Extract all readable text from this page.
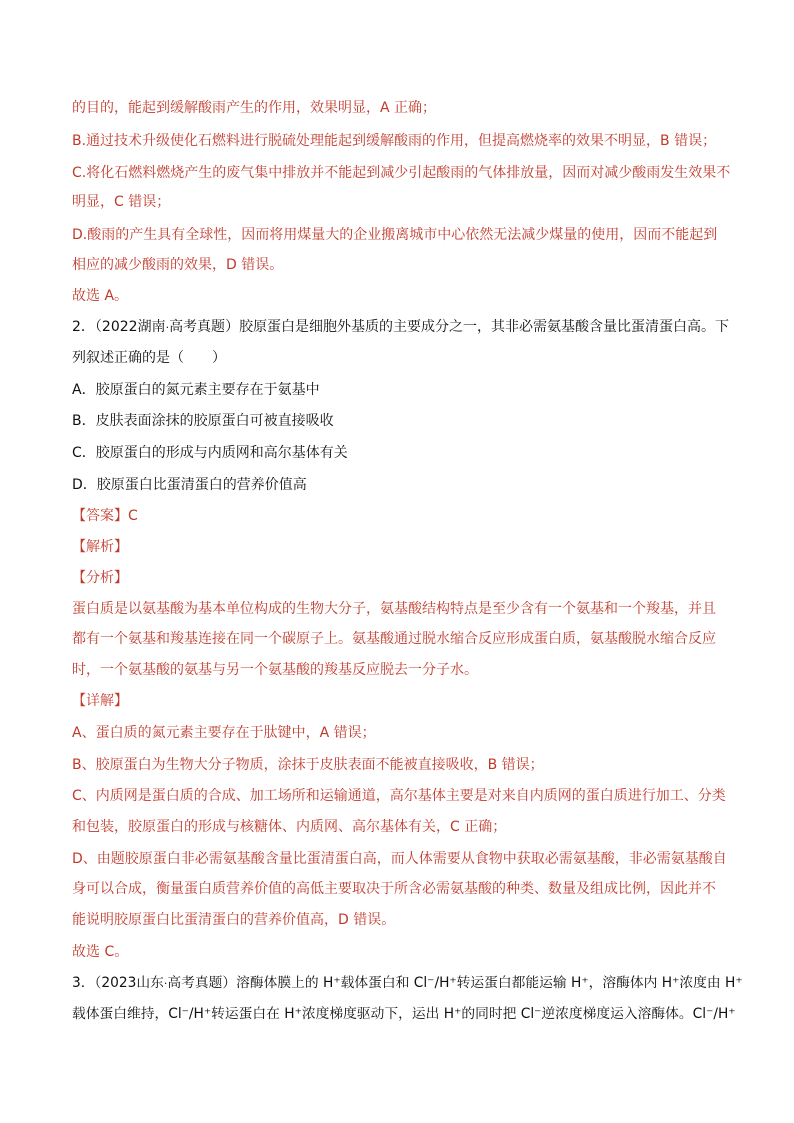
的目的，能起到缓解酸雨产生的作用，效果明显，A 正确；
B.通过技术升级使化石燃料进行脱硫处理能起到缓解酸雨的作用，但提高燃烧率的效果不明显，B 错误；
C.将化石燃料燃烧产生的废气集中排放并不能起到减少引起酸雨的气体排放量，因而对减少酸雨发生效果不
明显，C 错误；
D.酸雨的产生具有全球性，因而将用煤量大的企业搬离城市中心依然无法减少煤量的使用，因而不能起到
相应的减少酸雨的效果，D 错误。
故选 A。
2．（2022湖南·高考真题）胶原蛋白是细胞外基质的主要成分之一，其非必需氨基酸含量比蛋清蛋白高。下
列叙述正确的是（　　）
A．胶原蛋白的氮元素主要存在于氨基中
B．皮肤表面涂抹的胶原蛋白可被直接吸收
C．胶原蛋白的形成与内质网和高尔基体有关
D．胶原蛋白比蛋清蛋白的营养价值高
【答案】C
【解析】
【分析】
蛋白质是以氨基酸为基本单位构成的生物大分子，氨基酸结构特点是至少含有一个氨基和一个羧基，并且
都有一个氨基和羧基连接在同一个碳原子上。氨基酸通过脱水缩合反应形成蛋白质，氨基酸脱水缩合反应
时，一个氨基酸的氨基与另一个氨基酸的羧基反应脱去一分子水。
【详解】
A、蛋白质的氮元素主要存在于肽键中，A 错误；
B、胶原蛋白为生物大分子物质，涂抹于皮肤表面不能被直接吸收，B 错误；
C、内质网是蛋白质的合成、加工场所和运输通道，高尔基体主要是对来自内质网的蛋白质进行加工、分类
和包装，胶原蛋白的形成与核糖体、内质网、高尔基体有关，C 正确；
D、由题胶原蛋白非必需氨基酸含量比蛋清蛋白高，而人体需要从食物中获取必需氨基酸，非必需氨基酸自
身可以合成，衡量蛋白质营养价值的高低主要取决于所含必需氨基酸的种类、数量及组成比例，因此并不
能说明胶原蛋白比蛋清蛋白的营养价值高，D 错误。
故选 C。
3．（2023山东·高考真题）溶酶体膜上的 H⁺载体蛋白和 Cl⁻/H⁺转运蛋白都能运输 H⁺，溶酶体内 H⁺浓度由 H⁺
载体蛋白维持，Cl⁻/H⁺转运蛋白在 H⁺浓度梯度驱动下，运出 H⁺的同时把 Cl⁻逆浓度梯度运入溶酶体。Cl⁻/H⁺
